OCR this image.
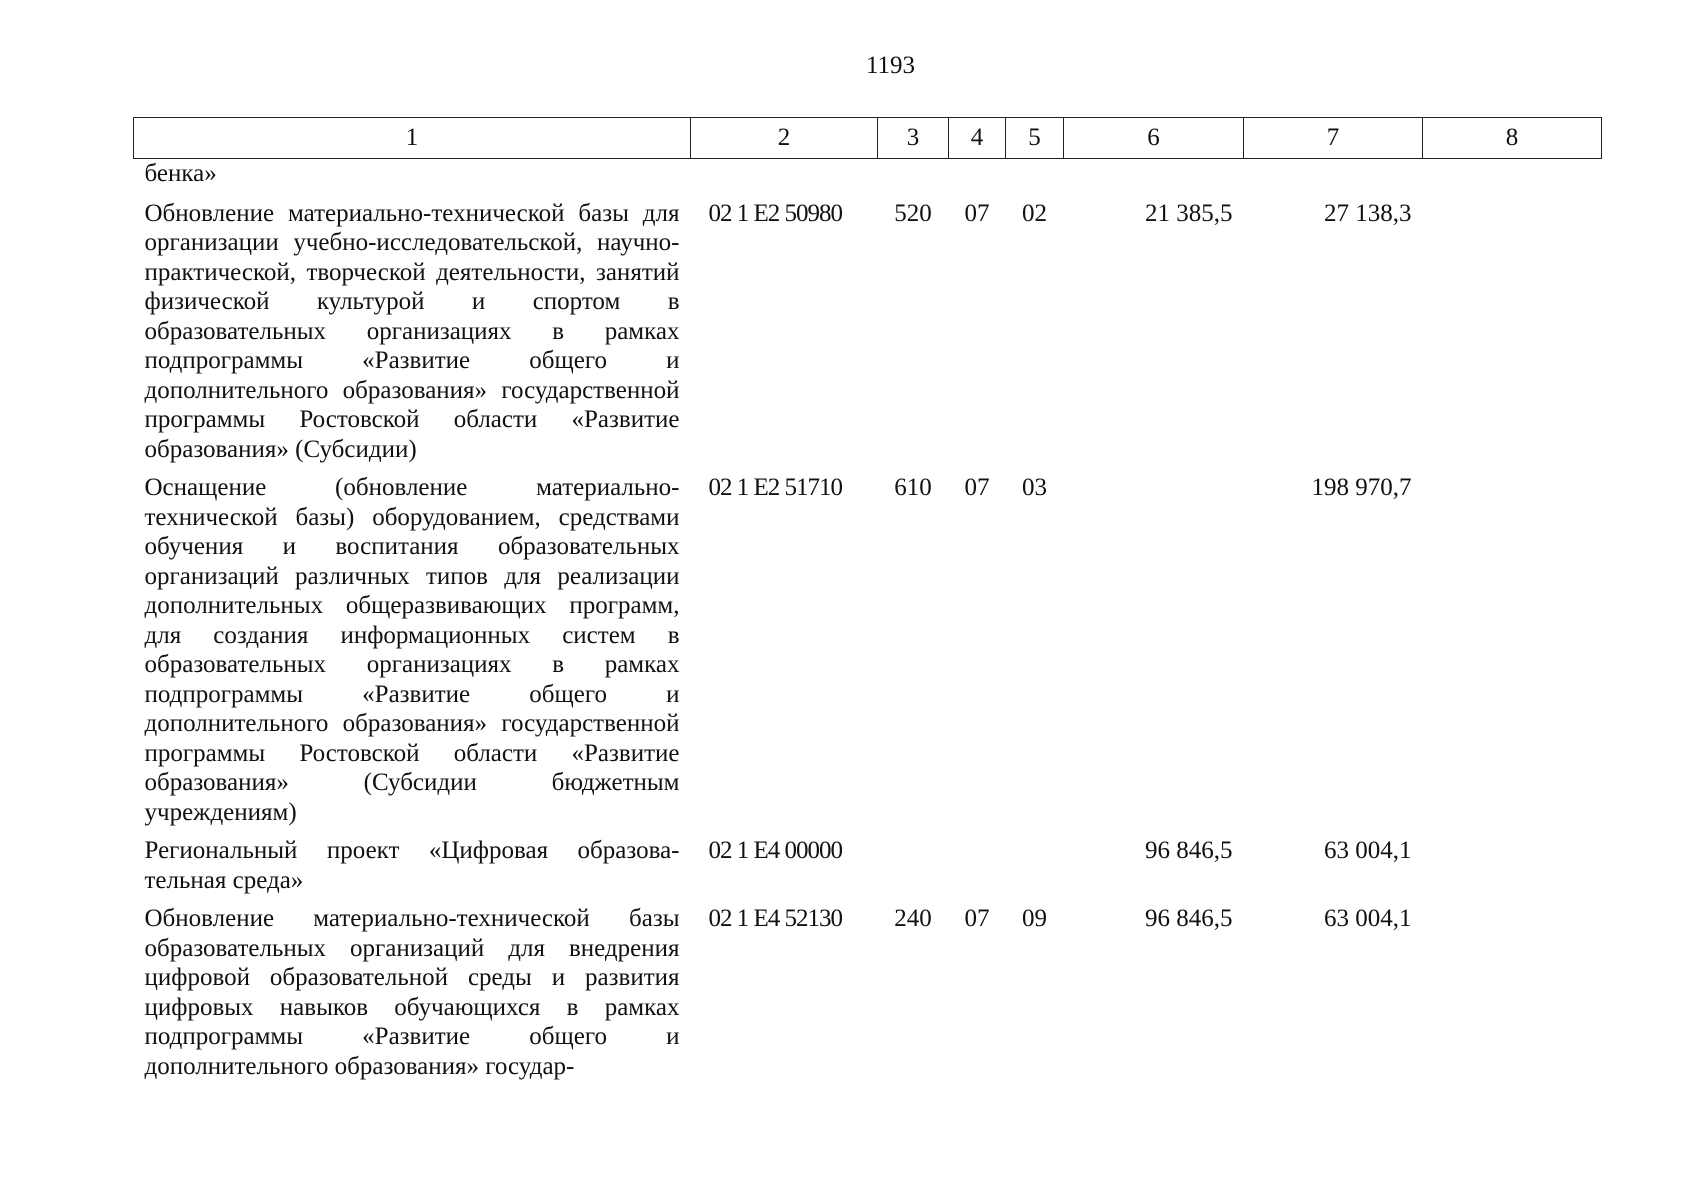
1193
1	2	3	4	5	6	7	8
бенка»							
Обновление материально-технической базы для организации учебно-исследовательской, научно-практической, творческой деятельности, занятий физической культурой и спортом в образовательных организациях в рамках подпрограммы «Развитие общего и дополнительного образования» государственной программы Ростовской области «Развитие образования» (Субсидии)	02 1 E2 50980	520	07	02	21 385,5	27 138,3	
Оснащение (обновление материально-технической базы) оборудованием, средствами обучения и воспитания образовательных организаций различных типов для реализации дополнительных общеразвивающих программ, для создания информационных систем в образовательных организациях в рамках подпрограммы «Развитие общего и дополнительного образования» государственной программы Ростовской области «Развитие образования» (Субсидии бюджетным учреждениям)	02 1 E2 51710	610	07	03		198 970,7	
Региональный проект «Цифровая образовательная среда»	02 1 E4 00000				96 846,5	63 004,1	
Обновление материально-технической базы образовательных организаций для внедрения цифровой образовательной среды и развития цифровых навыков обучающихся в рамках подпрограммы «Развитие общего и дополнительного образования» государ-	02 1 E4 52130	240	07	09	96 846,5	63 004,1	
